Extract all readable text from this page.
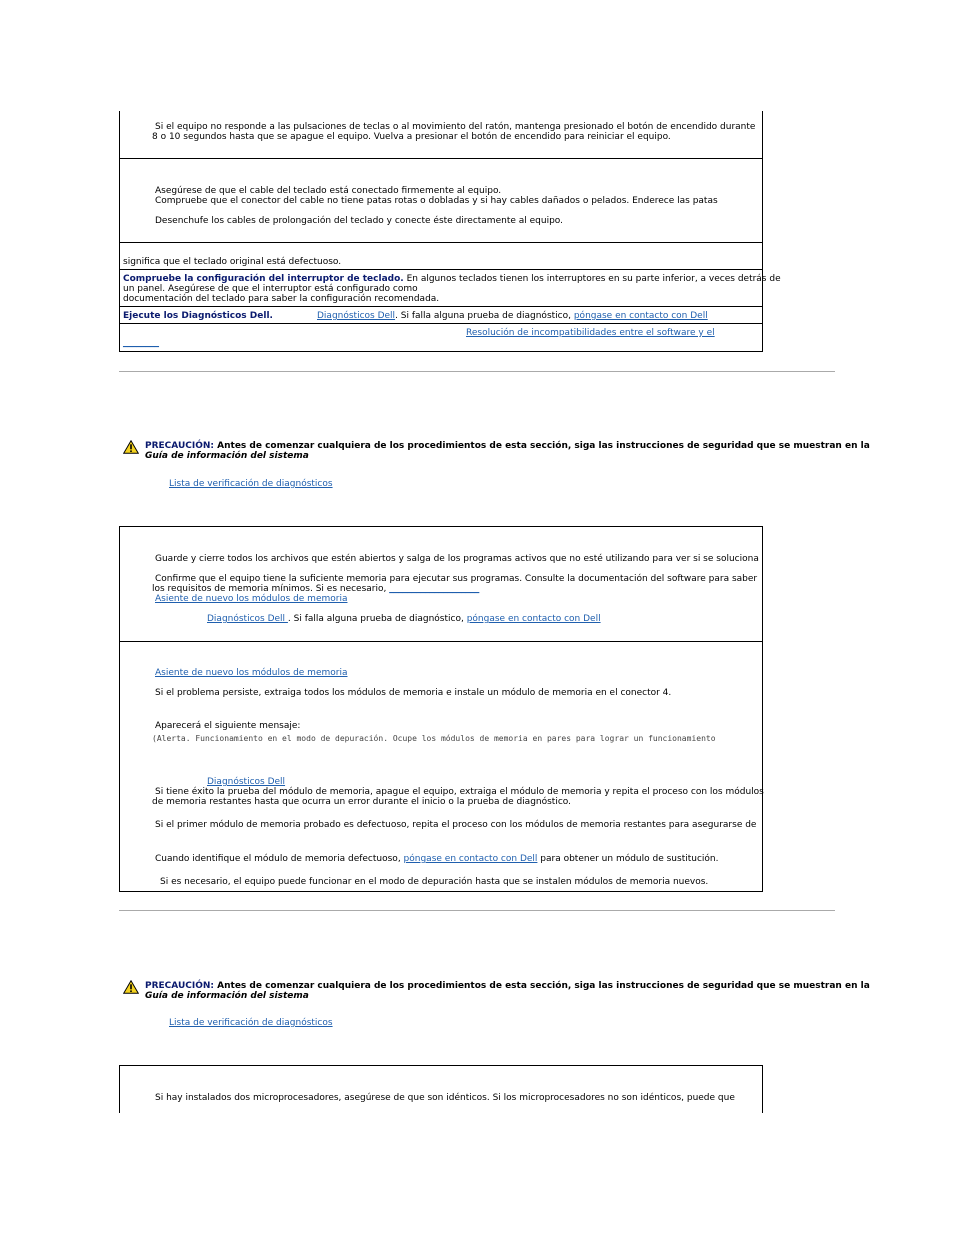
Si el equipo no responde a las pulsaciones de teclas o al movimiento del ratón, mantenga presionado el botón de encendido durante
8 o 10 segundos hasta que se apague el equipo. Vuelva a presionar el botón de encendido para reiniciar el equipo.
Asegúrese de que el cable del teclado está conectado firmemente al equipo.
Compruebe que el conector del cable no tiene patas rotas o dobladas y si hay cables dañados o pelados. Enderece las patas
Desenchufe los cables de prolongación del teclado y conecte éste directamente al equipo.
significa que el teclado original está defectuoso.
Compruebe la configuración del interruptor de teclado. En algunos teclados tienen los interruptores en su parte inferior, a veces detrás de
un panel. Asegúrese de que el interruptor está configurado como
documentación del teclado para saber la configuración recomendada.
Ejecute los Diagnósticos Dell.	Diagnósticos Dell. Si falla alguna prueba de diagnóstico, póngase en contacto con Dell
Resolución de incompatibilidades entre el software y el
________
PRECAUCIÓN: Antes de comenzar cualquiera de los procedimientos de esta sección, siga las instrucciones de seguridad que se muestran en la
Guía de información del sistema
Lista de verificación de diagnósticos
Guarde y cierre todos los archivos que estén abiertos y salga de los programas activos que no esté utilizando para ver si se soluciona
Confirme que el equipo tiene la suficiente memoria para ejecutar sus programas. Consulte la documentación del software para saber
los requisitos de memoria mínimos. Si es necesario, ____________________
Asiente de nuevo los módulos de memoria
Diagnósticos Dell . Si falla alguna prueba de diagnóstico, póngase en contacto con Dell
Asiente de nuevo los módulos de memoria
Si el problema persiste, extraiga todos los módulos de memoria e instale un módulo de memoria en el conector 4.
Aparecerá el siguiente mensaje:
(Alerta. Funcionamiento en el modo de depuración. Ocupe los módulos de memoria en pares para lograr un funcionamiento
Diagnósticos Dell
Si tiene éxito la prueba del módulo de memoria, apague el equipo, extraiga el módulo de memoria y repita el proceso con los módulos
de memoria restantes hasta que ocurra un error durante el inicio o la prueba de diagnóstico.
Si el primer módulo de memoria probado es defectuoso, repita el proceso con los módulos de memoria restantes para asegurarse de
Cuando identifique el módulo de memoria defectuoso, póngase en contacto con Dell para obtener un módulo de sustitución.
Si es necesario, el equipo puede funcionar en el modo de depuración hasta que se instalen módulos de memoria nuevos.
PRECAUCIÓN: Antes de comenzar cualquiera de los procedimientos de esta sección, siga las instrucciones de seguridad que se muestran en la
Guía de información del sistema
Lista de verificación de diagnósticos
Si hay instalados dos microprocesadores, asegúrese de que son idénticos. Si los microprocesadores no son idénticos, puede que
